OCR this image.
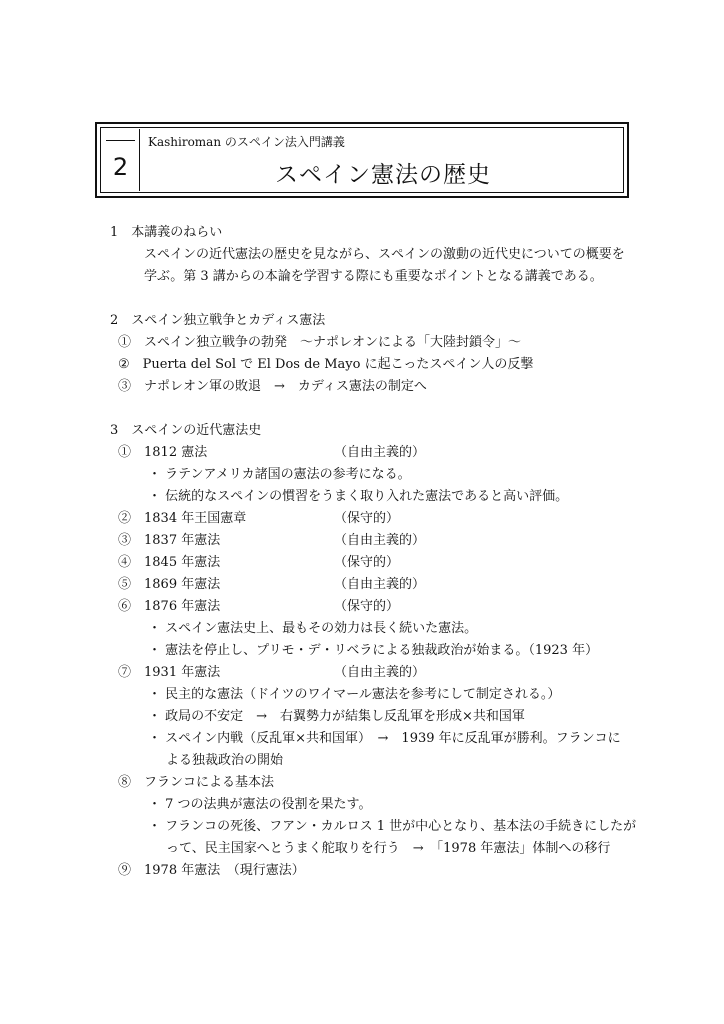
2
Kashiroman のスペイン法入門講義
スペイン憲法の歴史
1　本講義のねらい
スペインの近代憲法の歴史を見ながら、スペインの激動の近代史についての概要を
学ぶ。第 3 講からの本論を学習する際にも重要なポイントとなる講義である。
2　スペイン独立戦争とカディス憲法
①　スペイン独立戦争の勃発　～ナポレオンによる「大陸封鎖令」～
②　Puerta del Sol で El Dos de Mayo に起こったスペイン人の反撃
③　ナポレオン軍の敗退　→　カディス憲法の制定へ
3　スペインの近代憲法史
①　1812 憲法	（自由主義的）
・ ラテンアメリカ諸国の憲法の参考になる。
・ 伝統的なスペインの慣習をうまく取り入れた憲法であると高い評価。
②　1834 年王国憲章	（保守的）
③　1837 年憲法	（自由主義的）
④　1845 年憲法	（保守的）
⑤　1869 年憲法	（自由主義的）
⑥　1876 年憲法	（保守的）
・ スペイン憲法史上、最もその効力は長く続いた憲法。
・ 憲法を停止し、プリモ・デ・リベラによる独裁政治が始まる。（1923 年）
⑦　1931 年憲法	（自由主義的）
・ 民主的な憲法（ドイツのワイマール憲法を参考にして制定される。）
・ 政局の不安定　→　右翼勢力が結集し反乱軍を形成×共和国軍
・ スペイン内戦（反乱軍×共和国軍）　→　1939 年に反乱軍が勝利。フランコに
よる独裁政治の開始
⑧　フランコによる基本法
・ 7 つの法典が憲法の役割を果たす。
・ フランコの死後、フアン・カルロス 1 世が中心となり、基本法の手続きにしたが
って、民主国家へとうまく舵取りを行う　→　「1978 年憲法」体制への移行
⑨　1978 年憲法　（現行憲法）
